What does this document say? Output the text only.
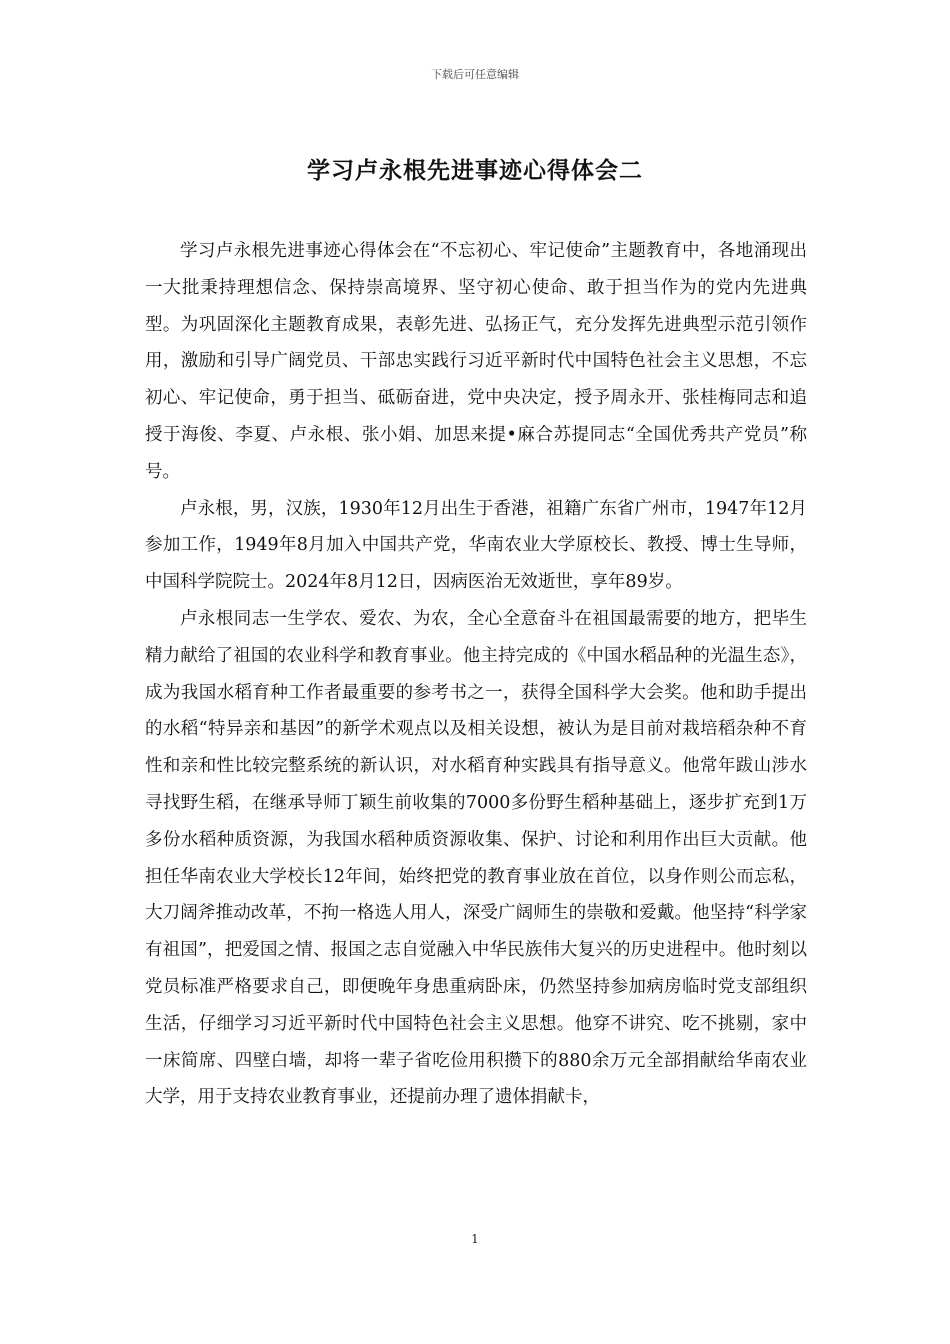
下载后可任意编辑
学习卢永根先进事迹心得体会二

学习卢永根先进事迹心得体会在“不忘初心、牢记使命”主题教育中，各地涌现出一大批秉持理想信念、保持崇高境界、坚守初心使命、敢于担当作为的党内先进典型。为巩固深化主题教育成果，表彰先进、弘扬正气，充分发挥先进典型示范引领作用，激励和引导广阔党员、干部忠实践行习近平新时代中国特色社会主义思想，不忘初心、牢记使命，勇于担当、砥砺奋进，党中央决定，授予周永开、张桂梅同志和追授于海俊、李夏、卢永根、张小娟、加思来提•麻合苏提同志“全国优秀共产党员”称号。

卢永根，男，汉族，1930年12月出生于香港，祖籍广东省广州市，1947年12月参加工作，1949年8月加入中国共产党，华南农业大学原校长、教授、博士生导师，中国科学院院士。2024年8月12日，因病医治无效逝世，享年89岁。

卢永根同志一生学农、爱农、为农，全心全意奋斗在祖国最需要的地方，把毕生精力献给了祖国的农业科学和教育事业。他主持完成的《中国水稻品种的光温生态》，成为我国水稻育种工作者最重要的参考书之一，获得全国科学大会奖。他和助手提出的水稻“特异亲和基因”的新学术观点以及相关设想，被认为是目前对栽培稻杂种不育性和亲和性比较完整系统的新认识，对水稻育种实践具有指导意义。他常年跋山涉水寻找野生稻，在继承导师丁颖生前收集的7000多份野生稻种基础上，逐步扩充到1万多份水稻种质资源，为我国水稻种质资源收集、保护、讨论和利用作出巨大贡献。他担任华南农业大学校长12年间，始终把党的教育事业放在首位，以身作则公而忘私，大刀阔斧推动改革，不拘一格选人用人，深受广阔师生的崇敬和爱戴。他坚持“科学家有祖国”，把爱国之情、报国之志自觉融入中华民族伟大复兴的历史进程中。他时刻以党员标准严格要求自己，即便晚年身患重病卧床，仍然坚持参加病房临时党支部组织生活，仔细学习习近平新时代中国特色社会主义思想。他穿不讲究、吃不挑剔，家中一床简席、四壁白墙，却将一辈子省吃俭用积攒下的880余万元全部捐献给华南农业大学，用于支持农业教育事业，还提前办理了遗体捐献卡，

1
